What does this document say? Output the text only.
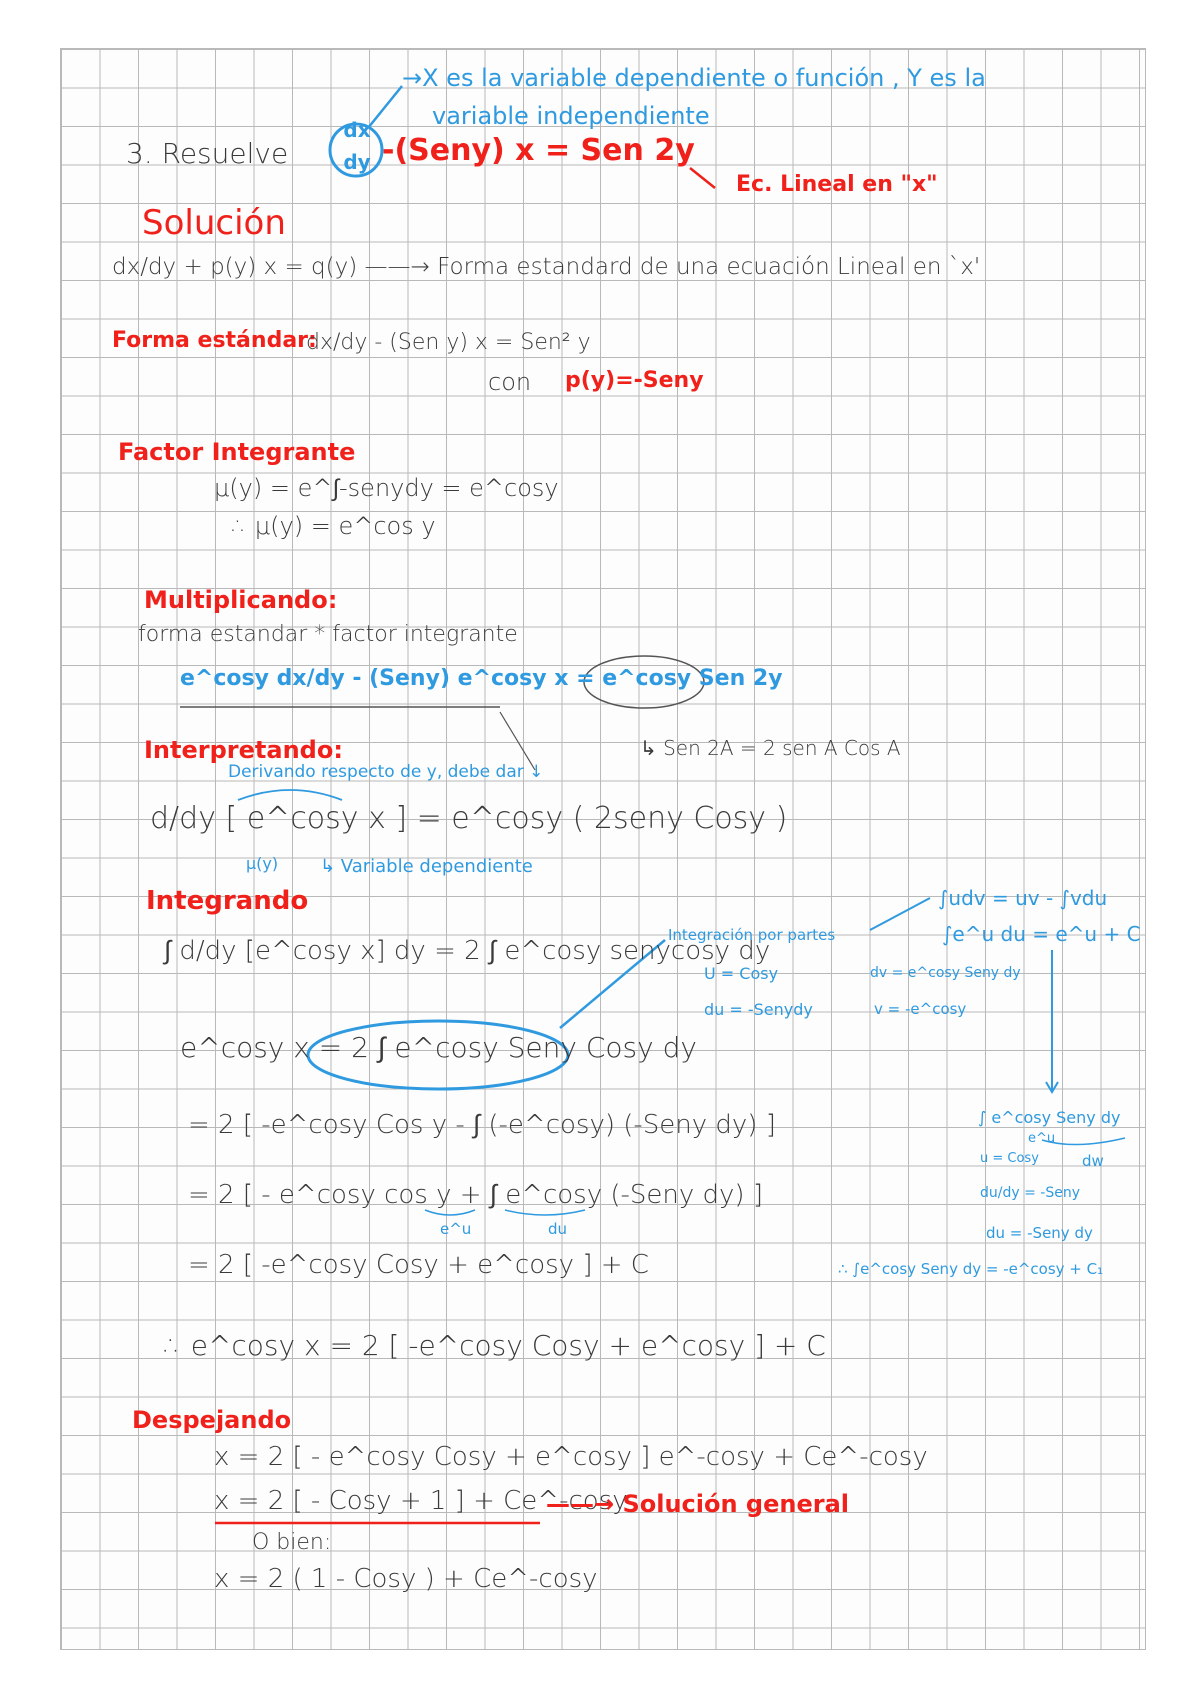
→X es la variable dependiente o función , Y es la
variable independiente
3. Resuelve
dx
dy -(Seny) x = Sen 2y
Ec. Lineal en "x"
Solución
dx/dy + p(y) x = q(y) ——→ Forma estandard de una ecuación Lineal en `x'
Forma estándar:
dx/dy - (Sen y) x = Sen² y
con p(y)=-Seny
Factor Integrante
μ(y) = e^∫-senydy = e^cosy
∴ μ(y) = e^cos y
Multiplicando:
forma estandar * factor integrante
e^cosy dx/dy - (Seny) e^cosy x = e^cosy Sen 2y
↳ Sen 2A = 2 sen A Cos A
Interpretando:
Derivando respecto de y, debe dar ↓
d/dy [ e^cosy x ] = e^cosy ( 2seny Cosy )
μ(y) ↳ Variable dependiente
Integrando
∫ d/dy [e^cosy x] dy = 2 ∫ e^cosy senycosy dy
e^cosy x = 2 ∫ e^cosy Seny Cosy dy
= 2 [ -e^cosy Cos y - ∫ (-e^cosy) (-Seny dy) ]
= 2 [ - e^cosy cos y + ∫ e^cosy (-Seny dy) ]
e^u	du
= 2 [ -e^cosy Cosy + e^cosy ] + C
∴ e^cosy x = 2 [ -e^cosy Cosy + e^cosy ] + C
Integración por partes
U = Cosy
du = -Senydy
dv = e^cosy Seny dy
v = -e^cosy
∫udv = uv - ∫vdu
∫e^u du = e^u + C
∫ e^cosy Seny dy
e^u
dw
u = Cosy
du/dy = -Seny
du = -Seny dy
∴ ∫e^cosy Seny dy = -e^cosy + C₁
Despejando
x = 2 [ - e^cosy Cosy + e^cosy ] e^-cosy + Ce^-cosy
x = 2 [ - Cosy + 1 ] + Ce^-cosy
——→ Solución general
O bien:
x = 2 ( 1 - Cosy ) + Ce^-cosy
